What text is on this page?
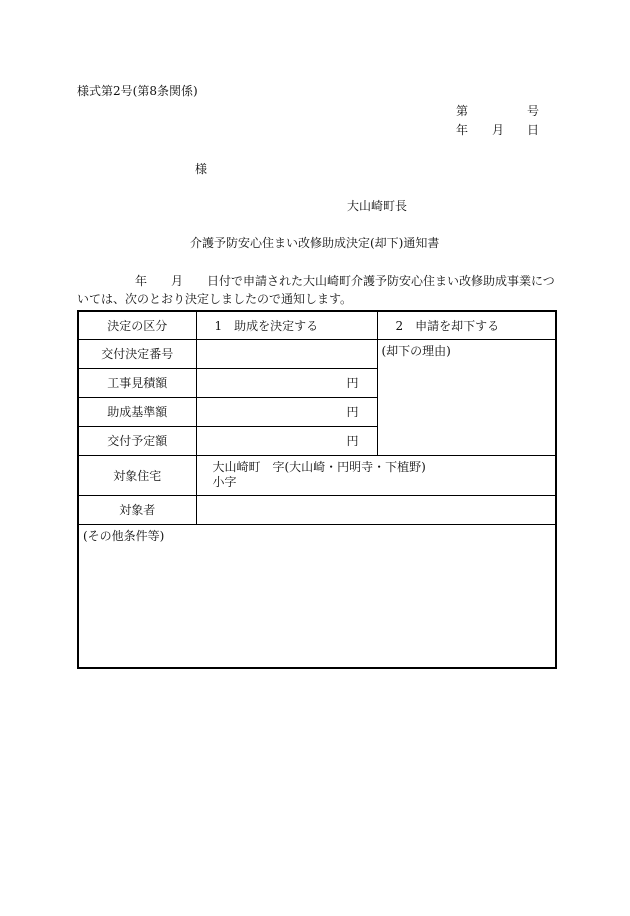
様式第2号(第8条関係)
第	号
年 月 日
様
大山崎町長
介護予防安心住まい改修助成決定(却下)通知書
年 月 日付で申請された大山崎町介護予防安心住まい改修助成事業につ
いては、次のとおり決定しましたので通知します。
決定の区分	1　助成を決定する	2　申請を却下する
交付決定番号		(却下の理由)
工事見積額	円	

助成基準額	円	

交付予定額	円	

対象住宅	大山崎町　字(大山崎・円明寺・下植野)
小字	

対象者		
(その他条件等)		
